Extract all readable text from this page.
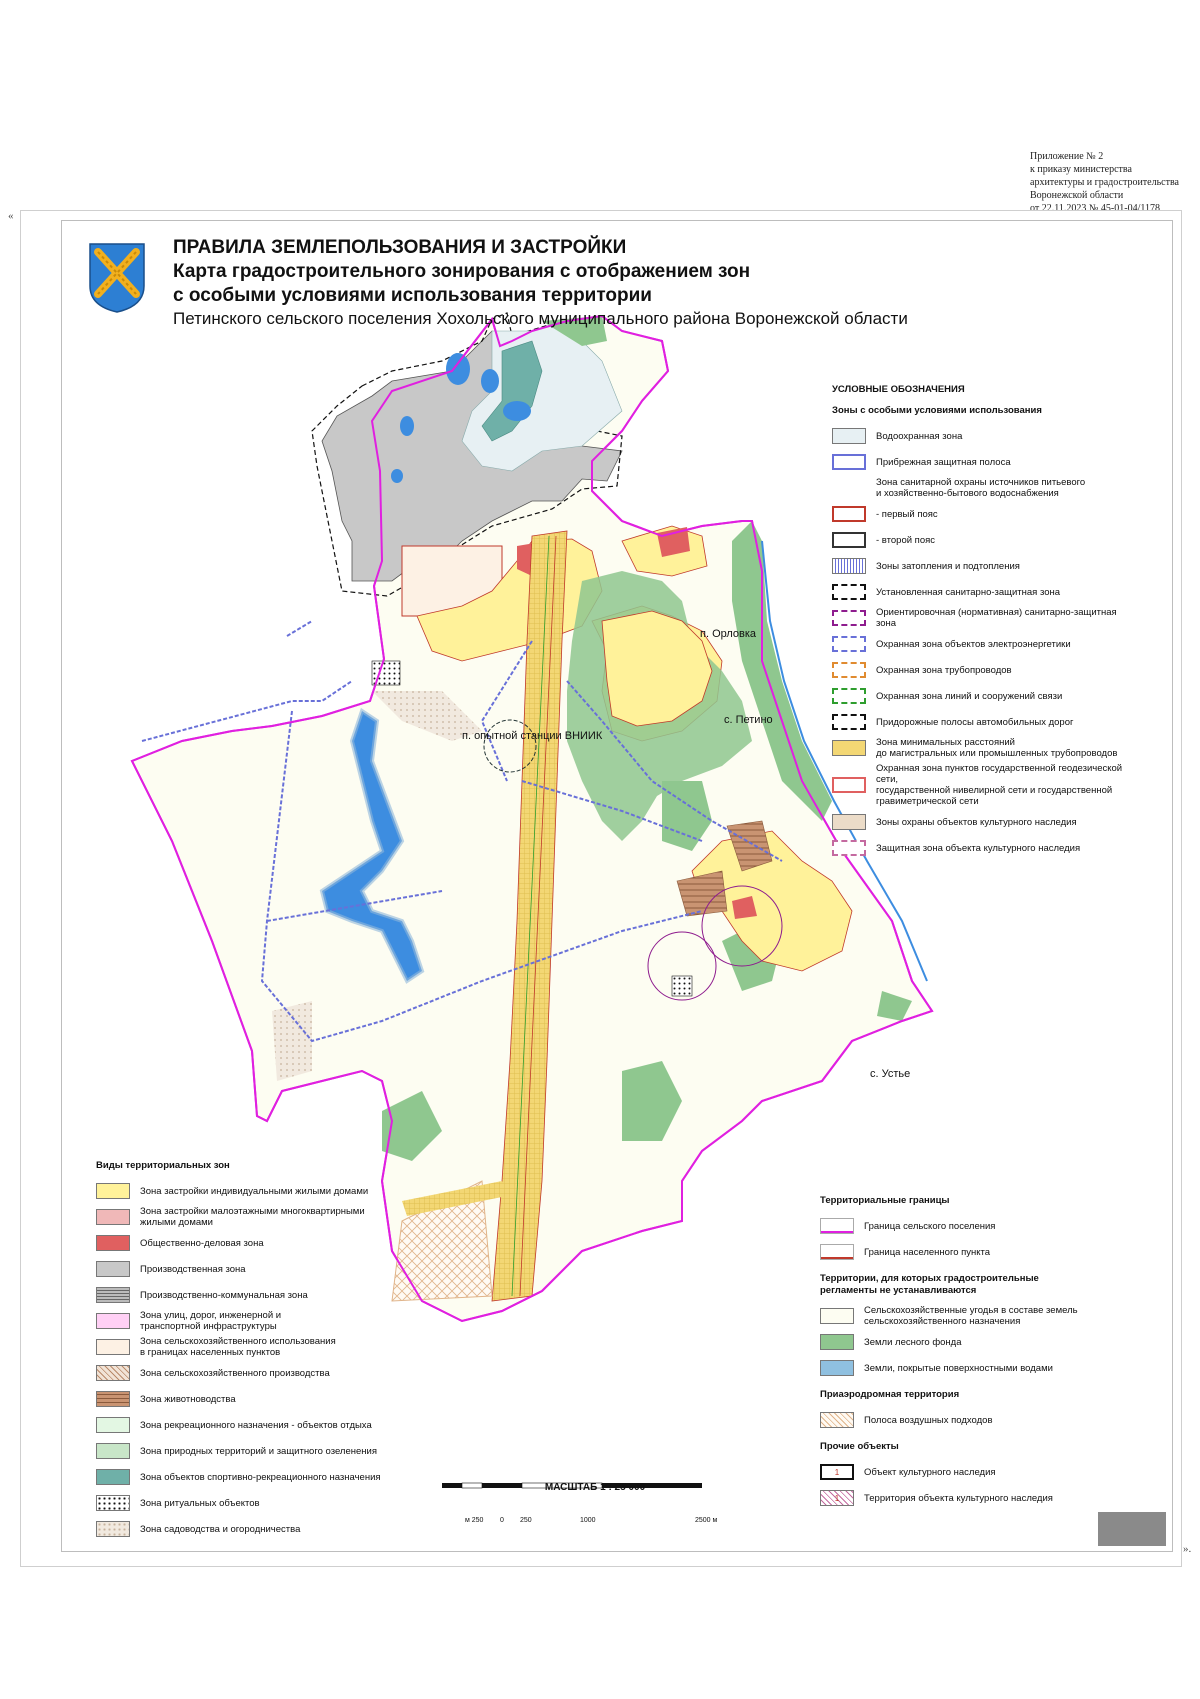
Приложение № 2
к приказу министерства
архитектуры и градостроительства
Воронежской области
от 22.11.2023 № 45-01-04/1178
«
».
ПРАВИЛА ЗЕМЛЕПОЛЬЗОВАНИЯ И ЗАСТРОЙКИ
Карта градостроительного зонирования с отображением зон
с особыми условиями использования территории
Петинского сельского поселения Хохольского муниципального района Воронежской области
п. Орловка
с. Петино
п. опытной станции ВНИИК
с. Устье
УСЛОВНЫЕ ОБОЗНАЧЕНИЯ
Зоны с особыми условиями использования
Водоохранная зона
Прибрежная защитная полоса
Зона санитарной охраны источников питьевого
и хозяйственно-бытового водоснабжения
- первый пояс
- второй пояс
Зоны затопления и подтопления
Установленная санитарно-защитная зона
Ориентировочная (нормативная) санитарно-защитная зона
Охранная зона объектов электроэнергетики
Охранная зона трубопроводов
Охранная зона линий и сооружений связи
Придорожные полосы автомобильных дорог
Зона минимальных расстояний
до магистральных или промышленных трубопроводов
Охранная зона пунктов государственной геодезической сети,
государственной нивелирной сети и государственной
гравиметрической сети
Зоны охраны объектов культурного наследия
Защитная зона объекта культурного наследия
Территориальные границы
Граница сельского поселения
Граница населенного пункта
Территории, для которых градостроительные
регламенты не устанавливаются
Сельскохозяйственные угодья в составе земель
сельскохозяйственного назначения
Земли лесного фонда
Земли, покрытые поверхностными водами
Приаэродромная территория
Полоса воздушных подходов
Прочие объекты
1	Объект культурного наследия
1	Территория объекта культурного наследия
Виды территориальных зон
Зона застройки индивидуальными жилыми домами
Зона застройки малоэтажными многоквартирными
жилыми домами
Общественно-деловая зона
Производственная зона
Производственно-коммунальная зона
Зона улиц, дорог, инженерной и
транспортной инфраструктуры
Зона сельскохозяйственного использования
в границах населенных пунктов
Зона сельскохозяйственного производства
Зона животноводства
Зона рекреационного назначения - объектов отдыха
Зона природных территорий и защитного озеленения
Зона объектов спортивно-рекреационного назначения
Зона ритуальных объектов
Зона садоводства и огородничества
МАСШТАБ 1 : 25 000
м 250 0 250	1000	2500 м
